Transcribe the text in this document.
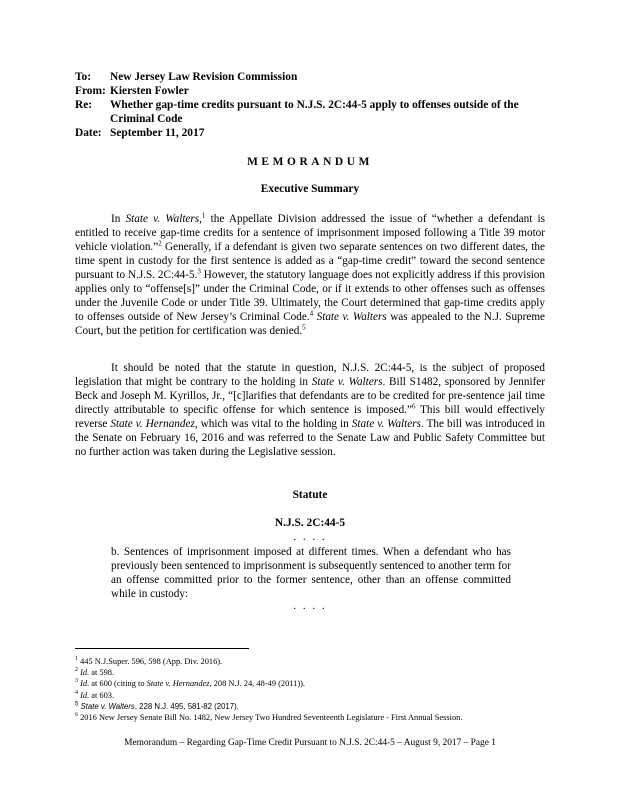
To:	New Jersey Law Revision Commission
From: Kiersten Fowler
Re:	Whether gap-time credits pursuant to N.J.S. 2C:44-5 apply to offenses outside of the Criminal Code
Date: September 11, 2017
MEMORANDUM
Executive Summary

In State v. Walters,$^1$ the Appellate Division addressed the issue of “whether a defendant is entitled to receive gap-time credits for a sentence of imprisonment imposed following a Title 39 motor vehicle violation.”$^2$ Generally, if a defendant is given two separate sentences on two different dates, the time spent in custody for the first sentence is added as a “gap-time credit” toward the second sentence pursuant to N.J.S. 2C:44-5.$^3$ However, the statutory language does not explicitly address if this provision applies only to “offense[s]” under the Criminal Code, or if it extends to other offenses such as offenses under the Juvenile Code or under Title 39. Ultimately, the Court determined that gap-time credits apply to offenses outside of New Jersey’s Criminal Code.$^4$ State v. Walters was appealed to the N.J. Supreme Court, but the petition for certification was denied.$^5$

It should be noted that the statute in question, N.J.S. 2C:44-5, is the subject of proposed legislation that might be contrary to the holding in State v. Walters. Bill S1482, sponsored by Jennifer Beck and Joseph M. Kyrillos, Jr., “[c]larifies that defendants are to be credited for pre-sentence jail time directly attributable to specific offense for which sentence is imposed.”$^6$ This bill would effectively reverse State v. Hernandez, which was vital to the holding in State v. Walters. The bill was introduced in the Senate on February 16, 2016 and was referred to the Senate Law and Public Safety Committee but no further action was taken during the Legislative session.

Statute
N.J.S. 2C:44-5
. . . .

b. Sentences of imprisonment imposed at different times. When a defendant who has previously been sentenced to imprisonment is subsequently sentenced to another term for an offense committed prior to the former sentence, other than an offense committed while in custody:

. . . .
$^1$ 445 N.J.Super. 596, 598 (App. Div. 2016).
$^2$ Id. at 598.
$^3$ Id. at 600 (citing to State v. Hernandez, 208 N.J. 24, 48-49 (2011)).
$^4$ Id. at 603.
$^5$ State v. Walters, 228 N.J. 495, 581-82 (2017).
$^6$ 2016 New Jersey Senate Bill No. 1482, New Jersey Two Hundred Seventeenth Legislature - First Annual Session.
Memorandum – Regarding Gap-Time Credit Pursuant to N.J.S. 2C:44-5 – August 9, 2017 – Page 1
